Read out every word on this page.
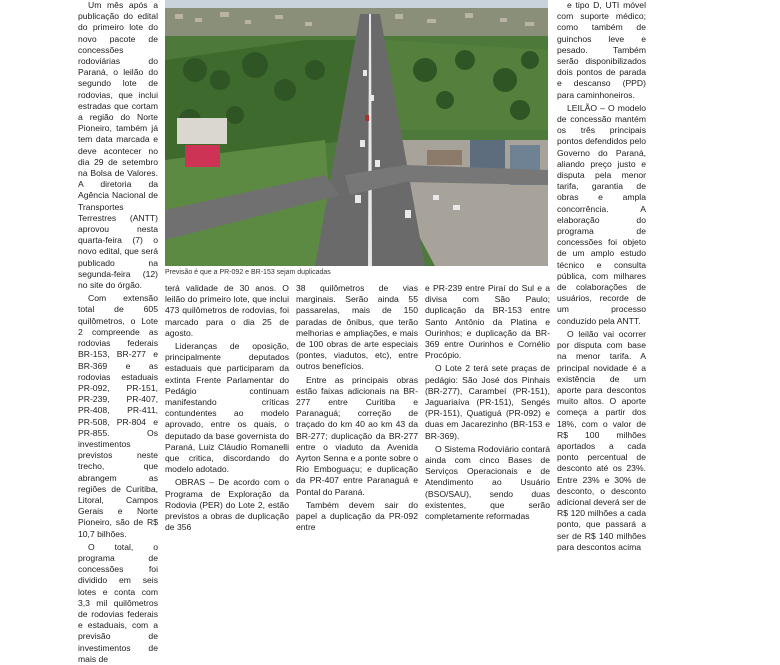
Um mês após a publicação do edital do primeiro lote do novo pacote de concessões rodoviárias do Paraná, o leilão do segundo lote de rodovias, que inclui estradas que cortam a região do Norte Pioneiro, também já tem data marcada e deve acontecer no dia 29 de setembro na Bolsa de Valores. A diretoria da Agência Nacional de Transportes Terrestres (ANTT) aprovou nesta quarta-feira (7) o novo edital, que será publicado na segunda-feira (12) no site do órgão.

Com extensão total de 605 quilômetros, o Lote 2 compreende as rodovias federais BR-153, BR-277 e BR-369 e as rodovias estaduais PR-092, PR-151, PR-239, PR-407, PR-408, PR-411, PR-508, PR-804 e PR-855. Os investimentos previstos neste trecho, que abrangem as regiões de Curitiba, Litoral, Campos Gerais e Norte Pioneiro, são de R$ 10,7 bilhões.

O total, o programa de concessões foi dividido em seis lotes e conta com 3,3 mil quilômetros de rodovias federais e estaduais, com a previsão de investimentos de mais de

Previsão é que a PR-092 e BR-153 sejam duplicadas

e tipo D, UTI móvel com suporte médico; como também de guinchos leve e pesado. Também serão disponibilizados dois pontos de parada e descanso (PPD) para caminhoneiros.

LEILÃO – O modelo de concessão mantém os três principais pontos defendidos pelo Governo do Paraná, aliando preço justo e disputa pela menor tarifa, garantia de obras e ampla concorrência. A elaboração do programa de concessões foi objeto de um amplo estudo técnico e consulta pública, com milhares de colaborações de usuários, recorde de um processo conduzido pela ANTT.

O leilão vai ocorrer por disputa com base na menor tarifa. A principal novidade é a existência de um aporte para descontos muito altos. O aporte começa a partir dos 18%, com o valor de R$ 100 milhões aportados a cada ponto percentual de desconto até os 23%. Entre 23% e 30% de desconto, o desconto adicional deverá ser de R$ 120 milhões a cada ponto, que passará a ser de R$ 140 milhões para descontos acima

terá validade de 30 anos. O leilão do primeiro lote, que inclui 473 quilômetros de rodovias, foi marcado para o dia 25 de agosto.

Lideranças de oposição, principalmente deputados estaduais que participaram da extinta Frente Parlamentar do Pedágio continuam manifestando críticas contundentes ao modelo aprovado, entre os quais, o deputado da base governista do Paraná, Luiz Cláudio Romanelli que critica, discordando do modelo adotado.

OBRAS – De acordo com o Programa de Exploração da Rodovia (PER) do Lote 2, estão previstos a obras de duplicação de 356

38 quilômetros de vias marginais. Serão ainda 55 passarelas, mais de 150 paradas de ônibus, que terão melhorias e ampliações, e mais de 100 obras de arte especiais (pontes, viadutos, etc), entre outros benefícios.

Entre as principais obras estão faixas adicionais na BR-277 entre Curitiba e Paranaguá; correção de traçado do km 40 ao km 43 da BR-277; duplicação da BR-277 entre o viaduto da Avenida Ayrton Senna e a ponte sobre o Rio Emboguaçu; e duplicação da PR-407 entre Paranaguá e Pontal do Paraná.

Também devem sair do papel a duplicação da PR-092 entre

e PR-239 entre Piraí do Sul e a divisa com São Paulo; duplicação da BR-153 entre Santo Antônio da Platina e Ourinhos; e duplicação da BR-369 entre Ourinhos e Cornélio Procópio.

O Lote 2 terá sete praças de pedágio: São José dos Pinhais (BR-277), Carambeí (PR-151), Jaguariaíva (PR-151), Sengés (PR-151), Quatiguá (PR-092) e duas em Jacarezinho (BR-153 e BR-369).

O Sistema Rodoviário contará ainda com cinco Bases de Serviços Operacionais e de Atendimento ao Usuário (BSO/SAU), sendo duas existentes, que serão completamente reformadas
